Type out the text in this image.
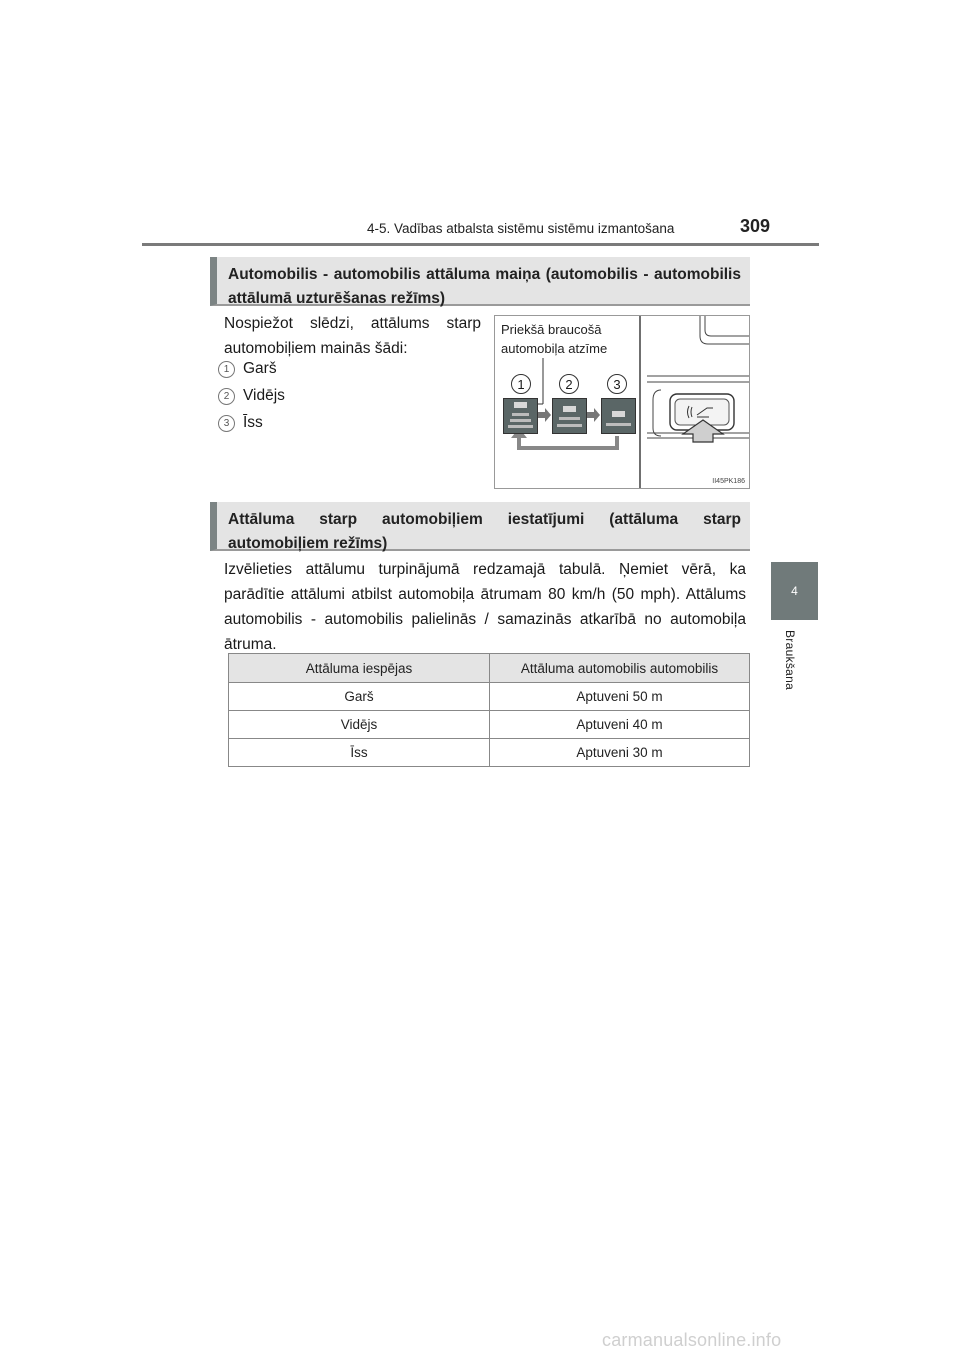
4-5. Vadības atbalsta sistēmu sistēmu izmantošana	309
4
Braukšana
Automobilis - automobilis attāluma maiņa (automobilis - automobilis attālumā uzturēšanas režīms)
Nospiežot slēdzi, attālums starp automobiļiem mainās šādi:
1 Garš
2 Vidējs
3 Īss
Priekšā braucošā automobiļa atzīme
1	2	3
II45PK186
Attāluma starp automobiļiem iestatījumi (attāluma starp automobiļiem režīms)
Izvēlieties attālumu turpinājumā redzamajā tabulā. Ņemiet vērā, ka parādītie attālumi atbilst automobiļa ātrumam 80 km/h (50 mph). Attālums automobilis - automobilis palielinās / samazinās atkarībā no automobiļa ātruma.
Attāluma iespējas	Attāluma automobilis automobilis
Garš	Aptuveni 50 m
Vidējs	Aptuveni 40 m
Īss	Aptuveni 30 m
carmanualsonline.info
